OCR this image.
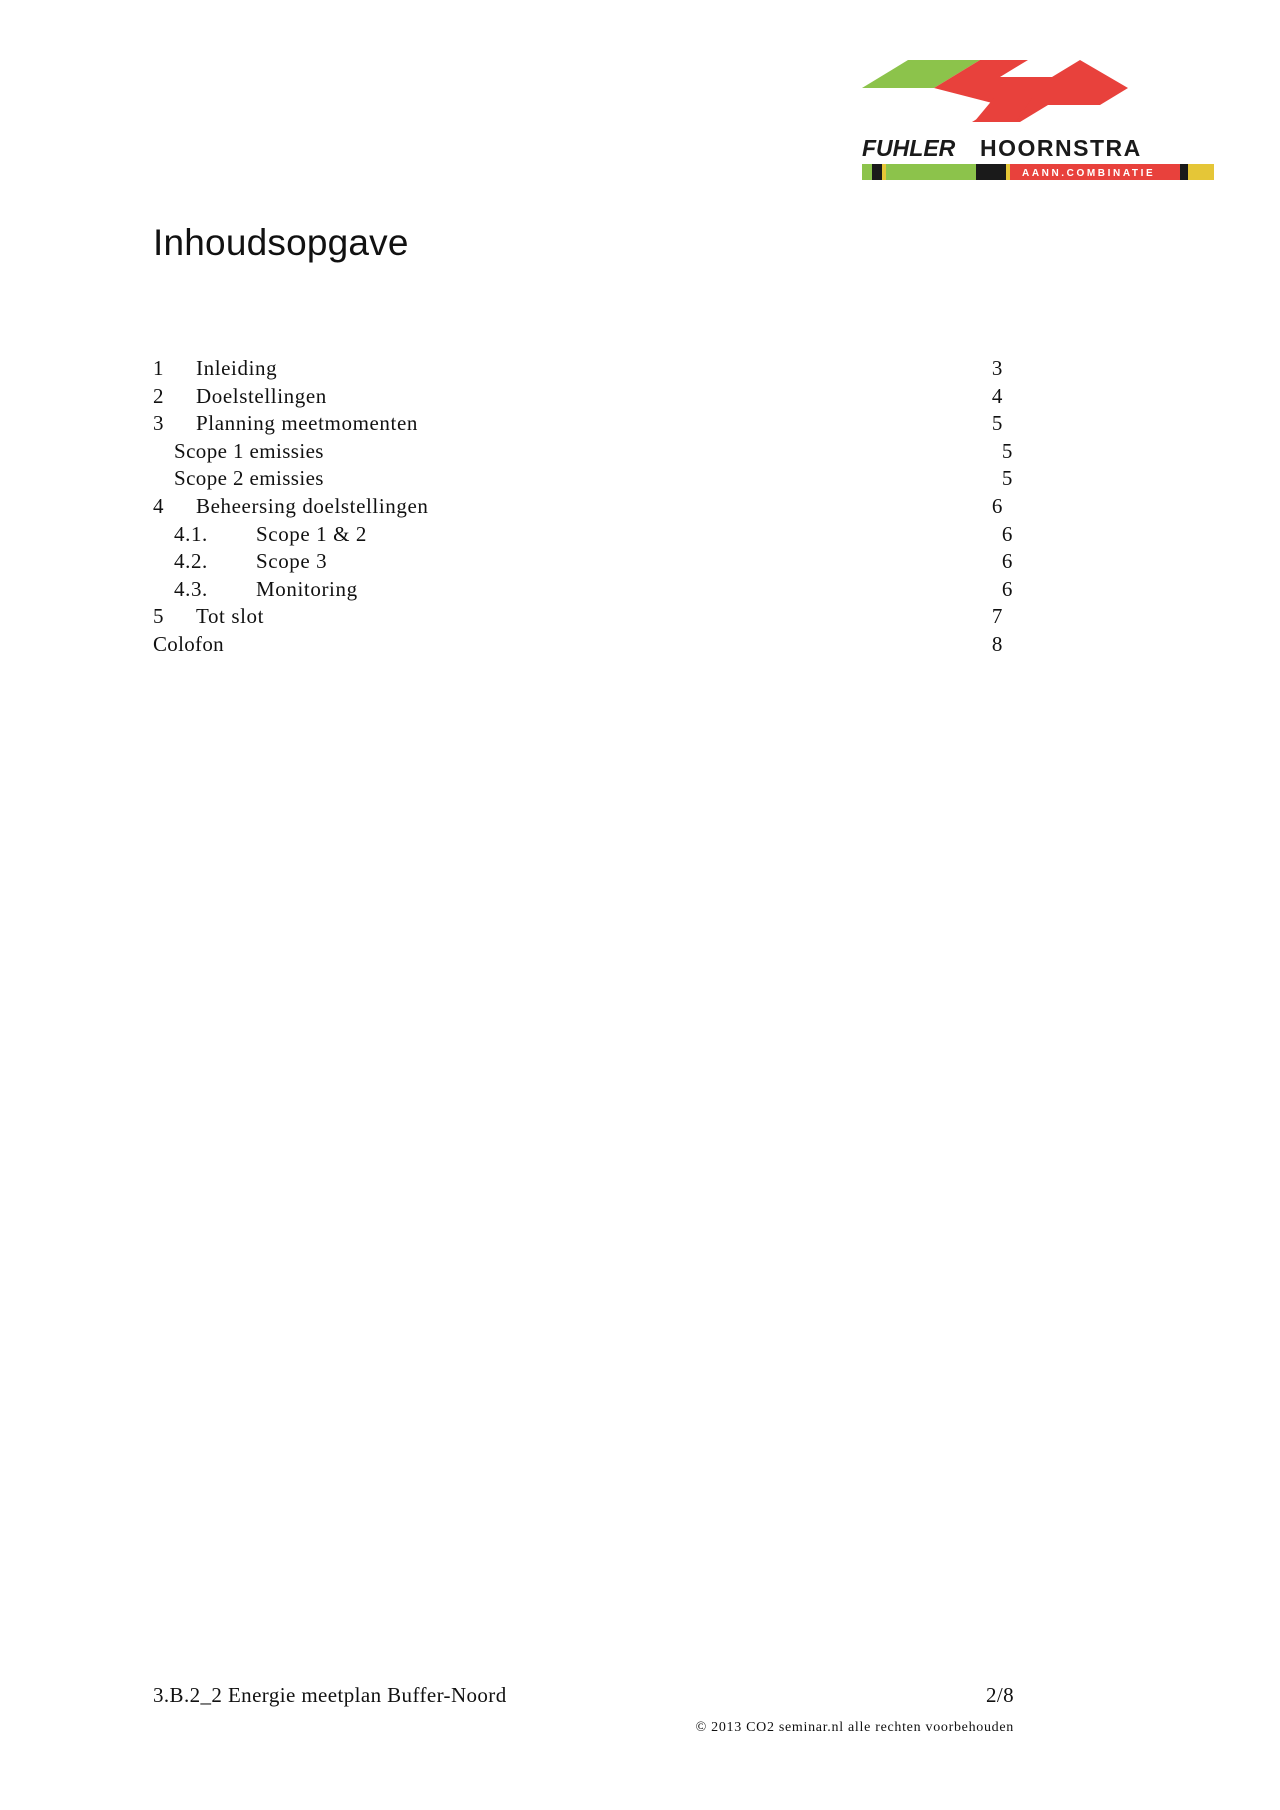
FUHLER HOORNSTRA
AANN.COMBINATIE
Inhoudsopgave
1 Inleiding	3
2 Doelstellingen	4
3 Planning meetmomenten	5
Scope 1 emissies	5
Scope 2 emissies	5
4 Beheersing doelstellingen	6
4.1. Scope 1 & 2	6
4.2. Scope 3	6
4.3. Monitoring	6
5 Tot slot	7
Colofon	8
3.B.2_2 Energie meetplan Buffer-Noord	2/8
© 2013 CO2 seminar.nl alle rechten voorbehouden
